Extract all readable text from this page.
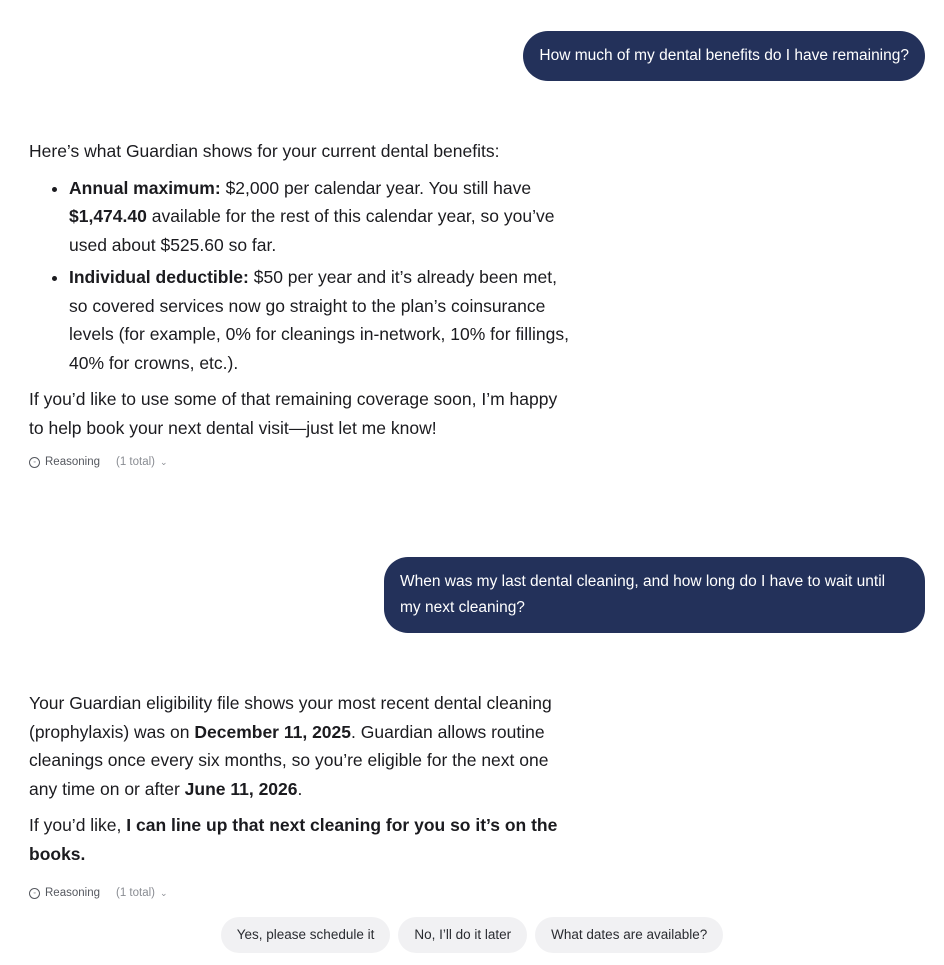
How much of my dental benefits do I have remaining?

Here’s what Guardian shows for your current dental benefits:

• Annual maximum: $2,000 per calendar year. You still have $1,474.40 available for the rest of this calendar year, so you’ve used about $525.60 so far.
• Individual deductible: $50 per year and it’s already been met, so covered services now go straight to the plan’s coinsurance levels (for example, 0% for cleanings in-network, 10% for fillings, 40% for crowns, etc.).

If you’d like to use some of that remaining coverage soon, I’m happy to help book your next dental visit—just let me know!

◦ Reasoning (1 total) ⌄
When was my last dental cleaning, and how long do I have to wait until my next cleaning?

Your Guardian eligibility file shows your most recent dental cleaning (prophylaxis) was on December 11, 2025. Guardian allows routine cleanings once every six months, so you’re eligible for the next one any time on or after June 11, 2026.

If you’d like, I can line up that next cleaning for you so it’s on the books.

◦ Reasoning (1 total) ⌄
Yes, please schedule it	No, I’ll do it later	What dates are available?
